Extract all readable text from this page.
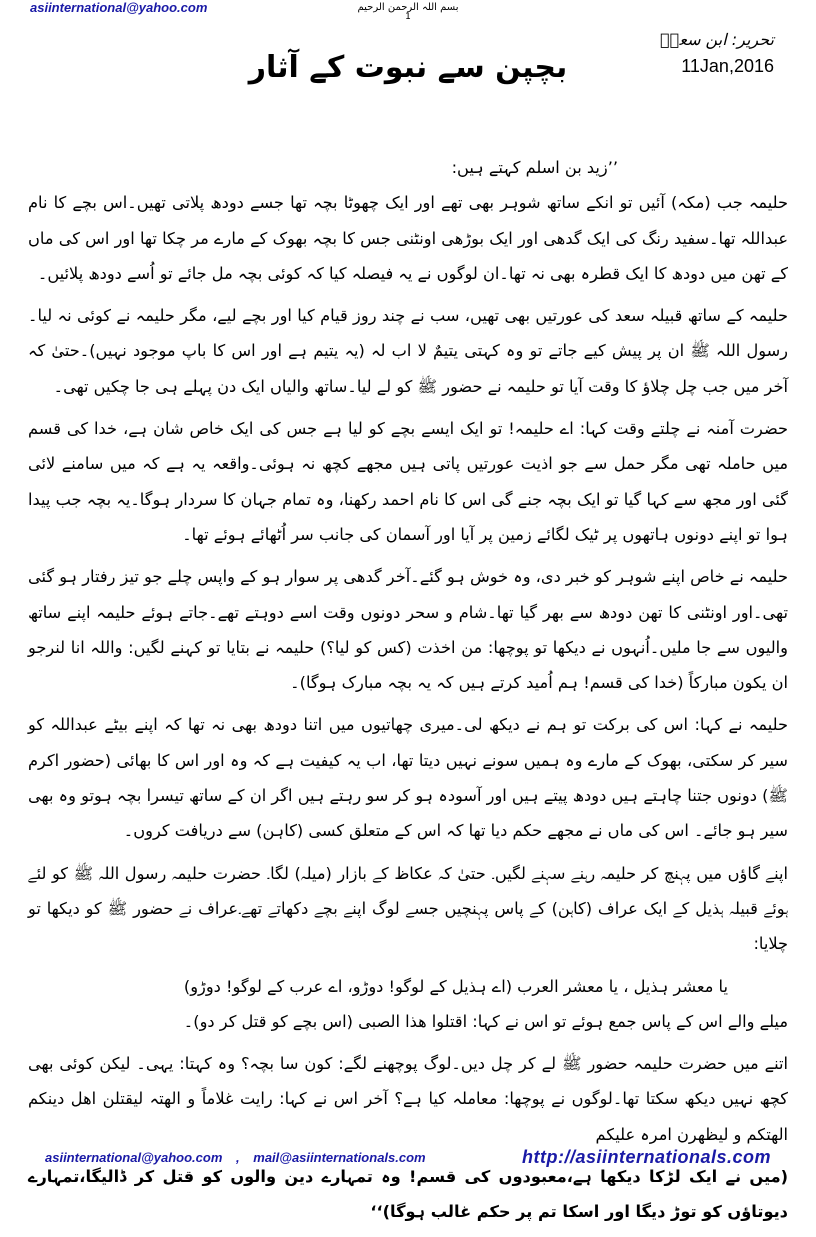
asiinternational@yahoo.com	بسم اللہ الرحمن الرحیم
1
تحریر: ابن سعدؒ
11Jan,2016
بچپن سے نبوت کے آثار

’’زید بن اسلم کہتے ہیں:

حلیمہ جب (مکہ) آئیں تو انکے ساتھ شوہر بھی تھے اور ایک چھوٹا بچہ تھا جسے دودھ پلاتی تھیں۔اس بچے کا نام عبداللہ تھا۔سفید رنگ کی ایک گدھی اور ایک بوڑھی اونٹنی جس کا بچہ بھوک کے مارے مر چکا تھا اور اس کی ماں کے تھن میں دودھ کا ایک قطرہ بھی نہ تھا۔ان لوگوں نے یہ فیصلہ کیا کہ کوئی بچہ مل جائے تو اُسے دودھ پلائیں۔

حلیمہ کے ساتھ قبیلہ سعد کی عورتیں بھی تھیں، سب نے چند روز قیام کیا اور بچے لیے، مگر حلیمہ نے کوئی نہ لیا۔رسول اللہ ﷺ ان پر پیش کیے جاتے تو وہ کہتی یتیمٌ لا اب لہ (یہ یتیم ہے اور اس کا باپ موجود نہیں)۔حتیٰ کہ آخر میں جب چل چلاؤ کا وقت آیا تو حلیمہ نے حضور ﷺ کو لے لیا۔ساتھ والیاں ایک دن پہلے ہی جا چکیں تھی۔

حضرت آمنہ نے چلتے وقت کہا: اے حلیمہ! تو ایک ایسے بچے کو لیا ہے جس کی ایک خاص شان ہے، خدا کی قسم میں حاملہ تھی مگر حمل سے جو اذیت عورتیں پاتی ہیں مجھے کچھ نہ ہوئی۔واقعہ یہ ہے کہ میں سامنے لائی گئی اور مجھ سے کہا گیا تو ایک بچہ جنے گی اس کا نام احمد رکھنا، وہ تمام جہان کا سردار ہوگا۔یہ بچہ جب پیدا ہوا تو اپنے دونوں ہاتھوں پر ٹیک لگائے زمین پر آیا اور آسمان کی جانب سر اُٹھائے ہوئے تھا۔

حلیمہ نے خاص اپنے شوہر کو خبر دی، وہ خوش ہو گئے۔آخر گدھی پر سوار ہو کے واپس چلے جو تیز رفتار ہو گئی تھی۔اور اونٹنی کا تھن دودھ سے بھر گیا تھا۔شام و سحر دونوں وقت اسے دوہتے تھے۔جاتے ہوئے حلیمہ اپنے ساتھ والیوں سے جا ملیں۔اُنہوں نے دیکھا تو پوچھا: من اخذت (کس کو لیا؟) حلیمہ نے بتایا تو کہنے لگیں: واللہ انا لنرجو ان یکون مبارکاً (خدا کی قسم! ہم اُمید کرتے ہیں کہ یہ بچہ مبارک ہوگا)۔

حلیمہ نے کہا: اس کی برکت تو ہم نے دیکھ لی۔میری چھاتیوں میں اتنا دودھ بھی نہ تھا کہ اپنے بیٹے عبداللہ کو سیر کر سکتی، بھوک کے مارے وہ ہمیں سونے نہیں دیتا تھا، اب یہ کیفیت ہے کہ وہ اور اس کا بھائی (حضور اکرم ﷺ) دونوں جتنا چاہتے ہیں دودھ پیتے ہیں اور آسودہ ہو کر سو رہتے ہیں اگر ان کے ساتھ تیسرا بچہ ہوتو وہ بھی سیر ہو جائے۔ اس کی ماں نے مجھے حکم دیا تھا کہ اس کے متعلق کسی (کاہن) سے دریافت کروں۔

اپنے گاؤں میں پہنچ کر حلیمہ رہنے سہنے لگیں۔ حتیٰ کہ عکاظ کے بازار (میلہ) لگا۔ حضرت حلیمہ رسول اللہ ﷺ کو لئے ہوئے قبیلہ ہذیل کے ایک عراف (کاہن) کے پاس پہنچیں جسے لوگ اپنے بچے دکھاتے تھے۔عراف نے حضور ﷺ کو دیکھا تو چلایا:

یا معشر ہذیل ، یا معشر العرب (اے ہذیل کے لوگو! دوڑو، اے عرب کے لوگو! دوڑو)

میلے والے اس کے پاس جمع ہوئے تو اس نے کہا: اقتلوا ھذا الصبی (اس بچے کو قتل کر دو)۔

اتنے میں حضرت حلیمہ حضور ﷺ لے کر چل دیں۔لوگ پوچھنے لگے: کون سا بچہ؟ وہ کہتا: یہی۔ لیکن کوئی بھی کچھ نہیں دیکھ سکتا تھا۔لوگوں نے پوچھا: معاملہ کیا ہے؟ آخر اس نے کہا: رایت غلاماً و الھتہ لیقتلن اھل دینکم الھتکم و لیظھرن امرہ علیکم

(میں نے ایک لڑکا دیکھا ہے،معبودوں کی قسم! وہ تمہارے دین والوں کو قتل کر ڈالیگا،تمہارے دیوتاؤں کو توڑ دیگا اور اسکا تم پر حکم غالب ہوگا)‘‘

asiinternational@yahoo.com , mail@asiinternationals.com	http://asiinternationals.com
